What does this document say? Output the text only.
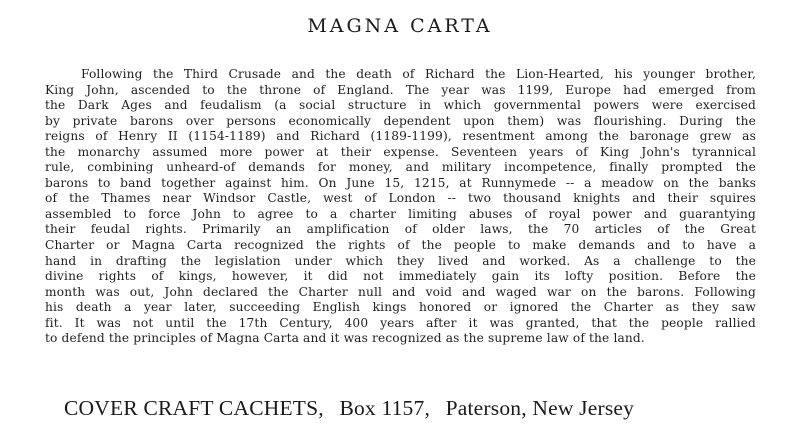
MAGNA CARTA
Following the Third Crusade and the death of Richard the Lion-Hearted, his younger brother,
King John, ascended to the throne of England. The year was 1199, Europe had emerged from
the Dark Ages and feudalism (a social structure in which governmental powers were exercised
by private barons over persons economically dependent upon them) was flourishing. During the
reigns of Henry II (1154-1189) and Richard (1189-1199), resentment among the baronage grew as
the monarchy assumed more power at their expense. Seventeen years of King John's tyrannical
rule, combining unheard-of demands for money, and military incompetence, finally prompted the
barons to band together against him. On June 15, 1215, at Runnymede -- a meadow on the banks
of the Thames near Windsor Castle, west of London -- two thousand knights and their squires
assembled to force John to agree to a charter limiting abuses of royal power and guarantying
their feudal rights. Primarily an amplification of older laws, the 70 articles of the Great
Charter or Magna Carta recognized the rights of the people to make demands and to have a
hand in drafting the legislation under which they lived and worked. As a challenge to the
divine rights of kings, however, it did not immediately gain its lofty position. Before the
month was out, John declared the Charter null and void and waged war on the barons. Following
his death a year later, succeeding English kings honored or ignored the Charter as they saw
fit. It was not until the 17th Century, 400 years after it was granted, that the people rallied
to defend the principles of Magna Carta and it was recognized as the supreme law of the land.
COVER CRAFT CACHETS, Box 1157, Paterson, New Jersey
